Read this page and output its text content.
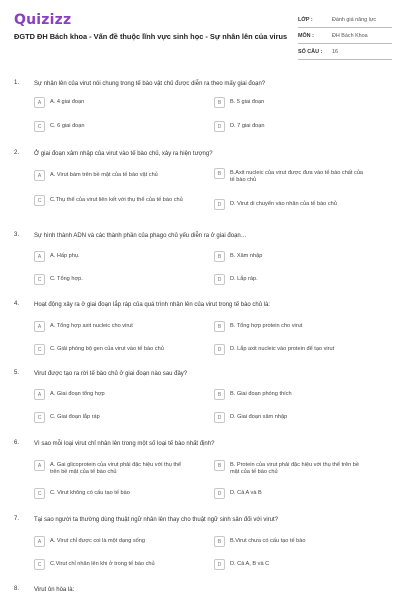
Quizizz
ĐGTD ĐH Bách khoa - Vấn đề thuộc lĩnh vực sinh học - Sự nhân lên của virus
LỚP :	Đánh giá năng lực
MÔN :	ĐH Bách Khoa
SỐ CÂU :	16
1. Sự nhân lên của virut nói chung trong tế bào vật chủ được diễn ra theo mấy giai đoạn?
A	A. 4 giai đoạn	B	B. 5 giai đoạn
C	C. 6 giai đoạn	D	D. 7 giai đoạn
2. Ở giai đoạn xâm nhập của virut vào tế bào chủ, xảy ra hiện tượng?
A	A. Virut bám trên bề mặt của tế bào vật chủ	B	B.Axit nucleic của virut được đưa vào tế bào chất của tế bào chủ
C	C.Thụ thể của virut liên kết với thụ thể của tế bào chủ
D	D. Virut di chuyển vào nhân của tế bào chủ
3. Sự hình thành ADN và các thành phần của phago chủ yếu diễn ra ở giai đoạn…
A	A. Hấp phụ.	B	B. Xâm nhập
C	C. Tổng hợp.	D	D. Lắp ráp.
4. Hoạt động xảy ra ở giai đoạn lắp ráp của quá trình nhân lên của virut trong tế bào chủ là:
A	A. Tổng hợp axit nucleic cho virut	B	B. Tổng hợp protein cho virut
C	C. Giải phóng bộ gen của virut vào tế bào chủ	D	D. Lắp axit nucleic vào protein để tạo virut
5. Virut được tạo ra rời tế bào chủ ở giai đoạn nào sau đây?
A	A. Giai đoạn tổng hợp	B	B. Giai đoạn phóng thích
C	C. Giai đoạn lắp ráp	D	D. Giai đoạn xâm nhập
6. Vì sao mỗi loại virut chỉ nhân lên trong một số loại tế bào nhất định?
A	A. Gai glicoprotein của virut phải đặc hiệu với thụ thể trên bề mặt của tế bào chủ
B	B. Protein của virut phải đặc hiệu với thụ thể trên bề mặt của tế bào chủ
C	C. Virut không có cấu tạo tế bào	D	D. Cả A và B
7. Tại sao người ta thường dùng thuật ngữ nhân lên thay cho thuật ngữ sinh sản đối với virut?
A	A. Virut chỉ được coi là một dạng sống	B	B.Virut chưa có cấu tạo tế bào
C	C.Virut chỉ nhân lên khi ở trong tế bào chủ	D	D. Cả A, B và C
8. Virut ôn hòa là:
